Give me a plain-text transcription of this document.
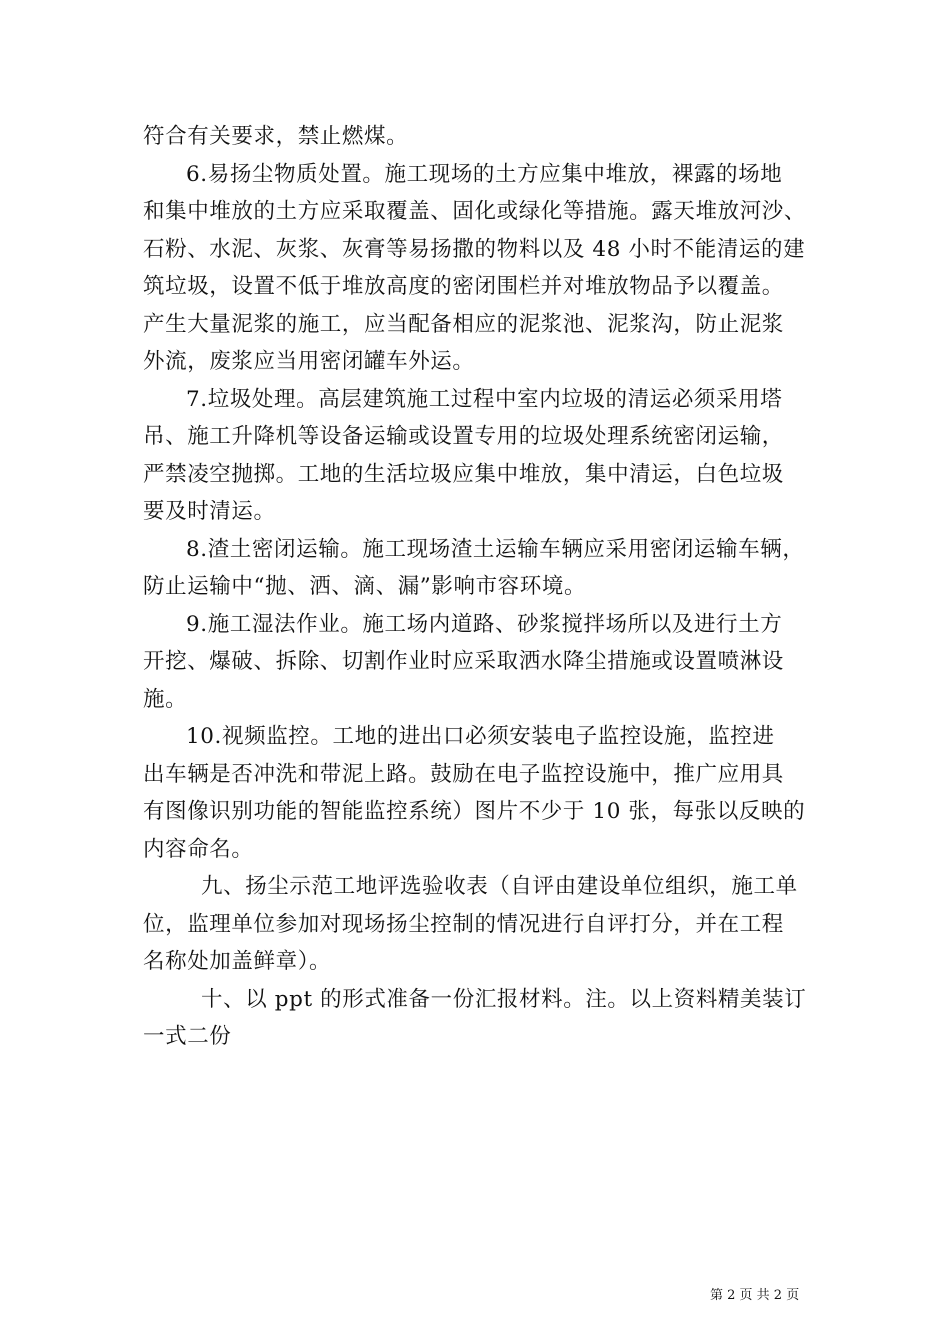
符合有关要求，禁止燃煤。
6.易扬尘物质处置。施工现场的土方应集中堆放，裸露的场地
和集中堆放的土方应采取覆盖、固化或绿化等措施。露天堆放河沙、
石粉、水泥、灰浆、灰膏等易扬撒的物料以及 48 小时不能清运的建
筑垃圾，设置不低于堆放高度的密闭围栏并对堆放物品予以覆盖。
产生大量泥浆的施工，应当配备相应的泥浆池、泥浆沟，防止泥浆
外流，废浆应当用密闭罐车外运。
7.垃圾处理。高层建筑施工过程中室内垃圾的清运必须采用塔
吊、施工升降机等设备运输或设置专用的垃圾处理系统密闭运输，
严禁凌空抛掷。工地的生活垃圾应集中堆放，集中清运，白色垃圾
要及时清运。
8.渣土密闭运输。施工现场渣土运输车辆应采用密闭运输车辆，
防止运输中“抛、洒、滴、漏”影响市容环境。
9.施工湿法作业。施工场内道路、砂浆搅拌场所以及进行土方
开挖、爆破、拆除、切割作业时应采取洒水降尘措施或设置喷淋设
施。
10.视频监控。工地的进出口必须安装电子监控设施，监控进
出车辆是否冲洗和带泥上路。鼓励在电子监控设施中，推广应用具
有图像识别功能的智能监控系统）图片不少于 10 张，每张以反映的
内容命名。
九、扬尘示范工地评选验收表（自评由建设单位组织，施工单
位，监理单位参加对现场扬尘控制的情况进行自评打分，并在工程
名称处加盖鲜章）。
十、以 ppt 的形式准备一份汇报材料。注。以上资料精美装订
一式二份

第 2 页 共 2 页
